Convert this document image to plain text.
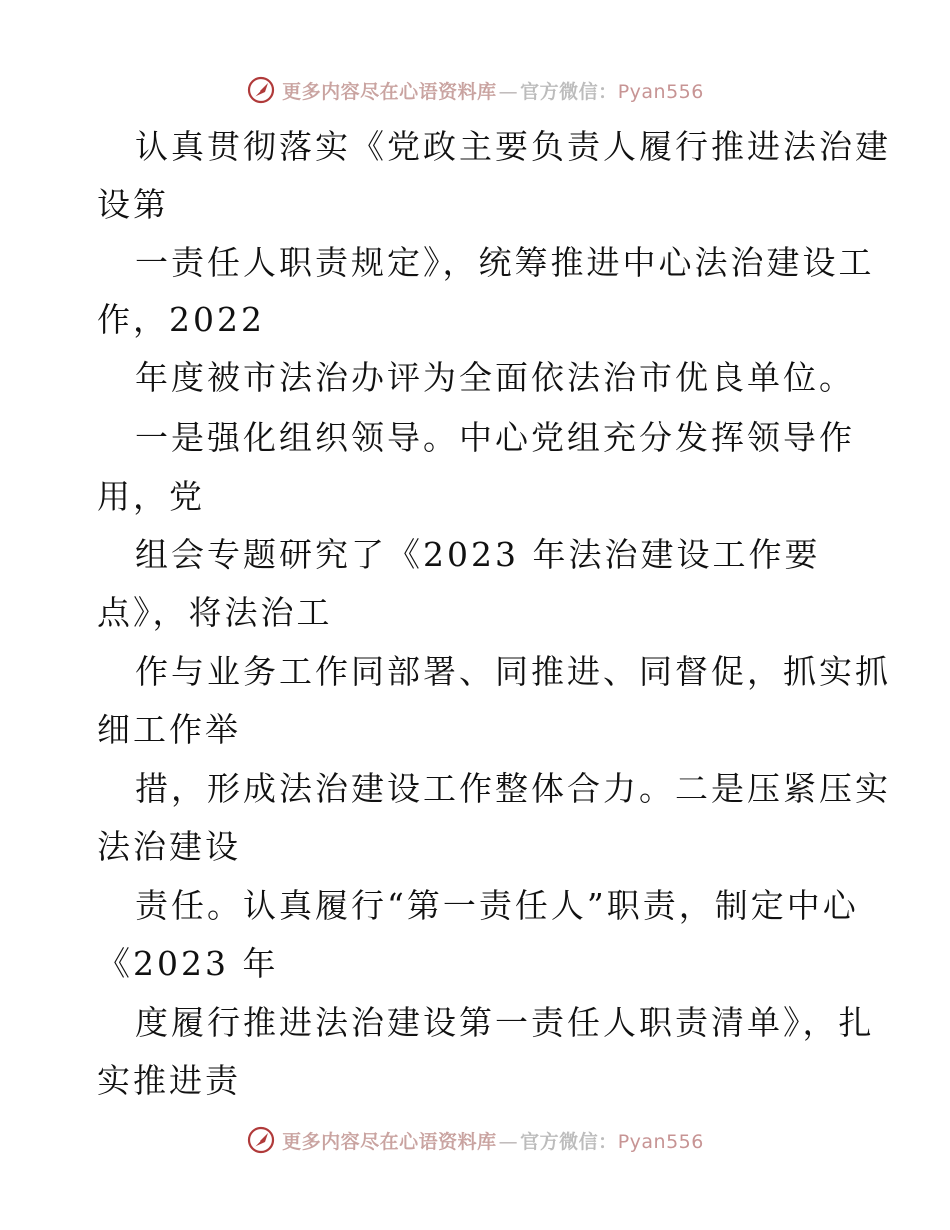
更多内容尽在心语资料库 — 官方微信：Pyan556
认真贯彻落实《党政主要负责人履行推进法治建
设第
一责任人职责规定》，统筹推进中心法治建设工
作，2022
年度被市法治办评为全面依法治市优良单位。
一是强化组织领导。中心党组充分发挥领导作
用，党
组会专题研究了《2023 年法治建设工作要
点》，将法治工
作与业务工作同部署、同推进、同督促，抓实抓
细工作举
措，形成法治建设工作整体合力。二是压紧压实
法治建设
责任。认真履行“第一责任人”职责，制定中心
《2023 年
度履行推进法治建设第一责任人职责清单》，扎
实推进责
更多内容尽在心语资料库 — 官方微信：Pyan556
